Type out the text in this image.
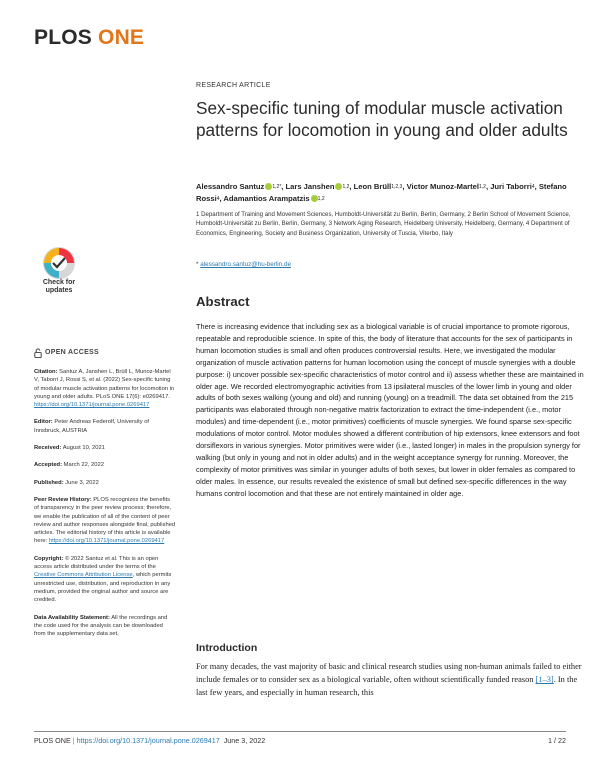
PLOS ONE
RESEARCH ARTICLE
Sex-specific tuning of modular muscle activation patterns for locomotion in young and older adults
Alessandro Santuz $^{1,2*}$, Lars Janshen $^{1,2}$, Leon Brüll$^{1,2,3}$, Victor Munoz-Martel$^{1,2}$, Juri Taborri$^4$, Stefano Rossi$^4$, Adamantios Arampatzis $^{1,2}$
1 Department of Training and Movement Sciences, Humboldt-Universität zu Berlin, Berlin, Germany, 2 Berlin School of Movement Science, Humboldt-Universität zu Berlin, Berlin, Germany, 3 Network Aging Research, Heidelberg University, Heidelberg, Germany, 4 Department of Economics, Engineering, Society and Business Organization, University of Tuscia, Viterbo, Italy
* alessandro.santuz@hu-berlin.de
Check for
updates
OPEN ACCESS
Citation: Santuz A, Janshen L, Brüll L, Munoz-Martel V, Taborri J, Rossi S, et al. (2022) Sex-specific tuning of modular muscle activation patterns for locomotion in young and older adults. PLoS ONE 17(6): e0269417. https://doi.org/10.1371/journal.pone.0269417
Editor: Peter Andreas Federolf, University of Innsbruck, AUSTRIA
Received: August 10, 2021
Accepted: March 22, 2022
Published: June 3, 2022
Peer Review History: PLOS recognizes the benefits of transparency in the peer review process; therefore, we enable the publication of all of the content of peer review and author responses alongside final, published articles. The editorial history of this article is available here: https://doi.org/10.1371/journal.pone.0269417
Copyright: © 2022 Santuz et al. This is an open access article distributed under the terms of the Creative Commons Attribution License, which permits unrestricted use, distribution, and reproduction in any medium, provided the original author and source are credited.
Data Availability Statement: All the recordings and the code used for the analysis can be downloaded from the supplementary data set,
Abstract

There is increasing evidence that including sex as a biological variable is of crucial importance to promote rigorous, repeatable and reproducible science. In spite of this, the body of literature that accounts for the sex of participants in human locomotion studies is small and often produces controversial results. Here, we investigated the modular organization of muscle activation patterns for human locomotion using the concept of muscle synergies with a double purpose: i) uncover possible sex-specific characteristics of motor control and ii) assess whether these are maintained in older age. We recorded electromyographic activities from 13 ipsilateral muscles of the lower limb in young and older adults of both sexes walking (young and old) and running (young) on a treadmill. The data set obtained from the 215 participants was elaborated through non-negative matrix factorization to extract the time-independent (i.e., motor modules) and time-dependent (i.e., motor primitives) coefficients of muscle synergies. We found sparse sex-specific modulations of motor control. Motor modules showed a different contribution of hip extensors, knee extensors and foot dorsiflexors in various synergies. Motor primitives were wider (i.e., lasted longer) in males in the propulsion synergy for walking (but only in young and not in older adults) and in the weight acceptance synergy for running. Moreover, the complexity of motor primitives was similar in younger adults of both sexes, but lower in older females as compared to older males. In essence, our results revealed the existence of small but defined sex-specific differences in the way humans control locomotion and that these are not entirely maintained in older age.

Introduction

For many decades, the vast majority of basic and clinical research studies using non-human animals failed to either include females or to consider sex as a biological variable, often without scientifically funded reason [1–3]. In the last few years, and especially in human research, this

PLOS ONE | https://doi.org/10.1371/journal.pone.0269417 June 3, 2022	1 / 22
